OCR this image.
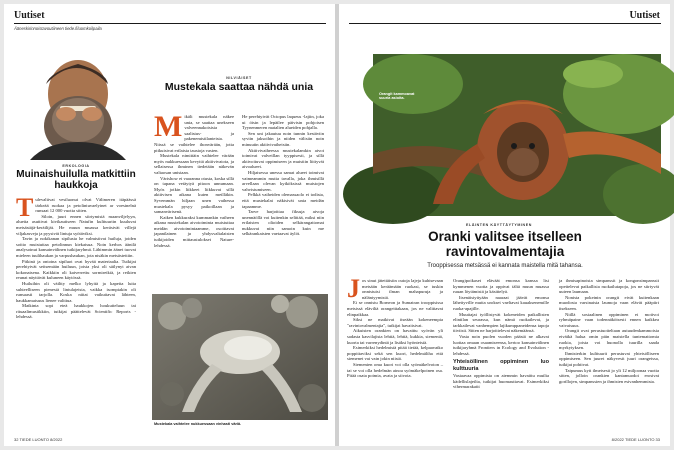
Uutiset
Ääneskirinnoistavoutiineen tiede.fi/uomkoilpaila
ERKOLOGIA
Muinaishuilulla matkittiin haukkoja
T ulevaltivat vesiluonut olvat Välimeren itäpäässä tärkeää ruokaa ja petolintuvaelyinet ar voesinelnä runsaat 12 000 vuotta sitten.

Siloin, juuri ennen siirtymistä maanviljelyyn, aluetta asuttivat kivikautiseen Natufin kulttuuriin kuuluvat metsästäjä-keräilijät. He muun muassa keräsivät villejä viljakasveja ja pyysivät lintuja syötäviksi.

Tavin ja nokikanan sipilusta he valmistivat huiluja, joiden soitto muistuttaa petolinnun kiekaisua. Noin kerhos äänilä analysoinut kansainvälinen tutkijaryhmä. Lähimmin äänet tuovat mieleen tuulihaukan ja varpushaukan, jota nisäkin metsästettiin.

Pitkinä ja ontoina sipiluot ovat hyvää materiaalia. Tutkijat perehtyivät seitsemään huiluun, joista yksi oli säilynyt aivan kokonaisena. Kaikkiin oli kaiverrettu sormireikiä, ja reikien reunat näyttävät kuluneen käytössä.

Huiluihin oli väiltty melko lyhyitä ja kapeita luita suhteelliseen pienestä lintulajeista, vaikka isompiakin oli runsaasti tarjolla. Koska niitat vaikuttavat lähteen, haukkamaisuus lienee valittua.

Matkinta sopi eteä haukkojen houkutteluun tai rituaalimusiikkiin, tutkijat päättelevät Scientific Reports -lehdessä.

NILVIÄISET
Mustekala saattaa nähdä unia
M ikäli mustekala näkee unia, se saattaa unekseen valveennakoisista saalistus- ja pakenemistilanteista. Niissä se vaihtelee ihonvärään, jotta pitkuisivat erilaisia taustoja vasten.

Mustekala nimittäin vaihtelee värään myös nukkuessaan kevyttä aktiivivaiota, ja sellaisessa ihminen tiedetään näkevän valtaosan unistaan.

Värishow ei vaaranna otusta, koska sillä on tapana vetäytyä pitoon unnumaan. Myös jotkin liikkeet liikkuvat sillä aktiivisen aikana kuten meilläkin. Syvemmän hiljaan unen vaihessa mustekala pysyy paikoillaan ja samanvärisenä.

Kaiken kukkuraksi kummankin vaiheen aikana mustekalan aivotoiminta muistuttaa meidän aivotoimintaamme, osoittavat japanilainen ja yhdysvaltalaisten tutkijoiden mittaustulokset Nature-lehdessä.

He perehtyivät Octopus laqueus -lajiin, joka ui öisin ja lepäilee päivisin pohjoisen Tyynenmeren matalien alueiden pohjalla.

Sen uni jakautuu noin tunnin kestäviin syviin jaksoihin ja niiden välisiin noin minuutin aktiivivaiheisiin.

Aktiivivaiheessa mustekalamkin aivot toimivat valveillan tyyppisesti, ja sillä aktivoituvat oppimiseen ja muistiin liittyvät aivoalueet.

Hiljaisessa unessa samat alueet toimivat vaimeammin mutta tavalla, joka ihmisillä arvellaan olevan kytköksissä muistojen vahvistumiseen.

Pelkkä vaiheiden olemassaolo ei todista, että mustekalat näkisivät unia meidän tapaamme.

Tarve harjoittaa fiksuja aivoja unennäöllä voi kuitenkin selittää, miksi niin erilaisten olioiden selkärangattomat nukkuvat niin samoin kuin me selkärankaisten vaetaavat äylöt.

Mustekala vaihtelee nukkuessaan vinhasti väriä.
32 TIEDE LUONTO 8/2022
Uutiset
Orangit kammoavat suuria asioita.
ELÄINTEN KÄYTTÄYTYMINEN
Oranki valitsee itselleen ravintovalmentajia
Trooppisessa metsässä ei kannata maistella mitä tahansa.
J os sinut jätettäisiin outoja lajeja kuhisevaan metsään keräämään ruokasi, se tuskin onnistuisi ilman mahapuruja ja näläntyymistä.

Ei se onnistu Borneon ja Sumatran trooppisissa metsissä eläviltä orangeittakaan, jos ne valittavat elinpaikkaa.

Siksi ne matkivat itseään kokeneempia "ravintovalmentajia", tutkijat havaitsivat.

Aikuisten orankien on havaittu syövän yli sadasta kasvilajista lehtiä, lehtiä, kukkia, siemeniä, kuorta tai varrenydintä ja lisäksi hyönteisiä.

Esimerkiksi hedelmistä pitää tietää, kelpaavatko poppittaviksi sekä sen kuori, hedelmäliha että siemenet vai vain jokin niistä.

Siemenien oma kuori voi olla syömäkelvoton – tai se voi olla hedelmän ainoa syömäkelpoinen osa. Pitää osata poimia, avata ja siivota.

Orangipoikaset eläväät emonsa kanssa lisi kymmenen vuotta ja oppivat tältä muun muassa ruuan löytämistä ja käsittelyä.

Itsenäistyttyään naaraat jäävät emonsa lähettyville mutta urokset vaeltavat kauaksenemille ruoka-apajille.

Muuttajat työllistyvät kokeneiden paikallisten elintilan seurassa, kun nämä ruokailevat, ja tarkkailevat vanhempien lajikumppaneidensa tapoja tiiviisti. Sitten ne harjoittelevat näkemäänsä.

Vasta noin puolen vuoden päästä ne alkavat luottaa omaan osaamiseensa, kertoo kansainvälinen tutkijaryhmä Frontiers in Ecology and Evolution -lehdessä.

Yhteisöllinen oppiminen luo kulttuuria

Vastaavaa oppimista on aiemmin havaittu muilta kädellislajeilta, tutkijat huomauttavat. Esimerkiksi vihermarakatit

ja ihmisapinoista simpanssit ja kongonsimpanssit opettelevat paikallisia ruokailutapoja, jos ne siirtyvät uuteen laumaan.

Nonista pokeinin orangit eivät kuitenkaan muodosta varsinaisia laumoja vaan elävät pääpiirt itsekseen.

Niillä sosiaalinen oppiminen ei motivoi ryhmäpaine vaan todennäköisesti ennen kaikkea vaivaisuus.

Orangit ovat perustuotteltaan autuudenkammoisia eivätkä halua omin päin maistella tuntemattomia ruokia, joista voi huonolla tuurilla saada myrkytyksen.

Ihmisterkin kulttuurit perustuvat yhteisölliseen oppimiseen. Sen juuret näkyvesit juuri orangeissa, tutkijat pohtivat.

Taipumus kyti ilmeisesti jo yli 12 miljoonaa vuotta sitten, jolloin orankien kantamuodot erosivat gorillojen, simpanssien ja ihmisten esivanhemmista.

8/2022 TIEDE LUONTO 33
